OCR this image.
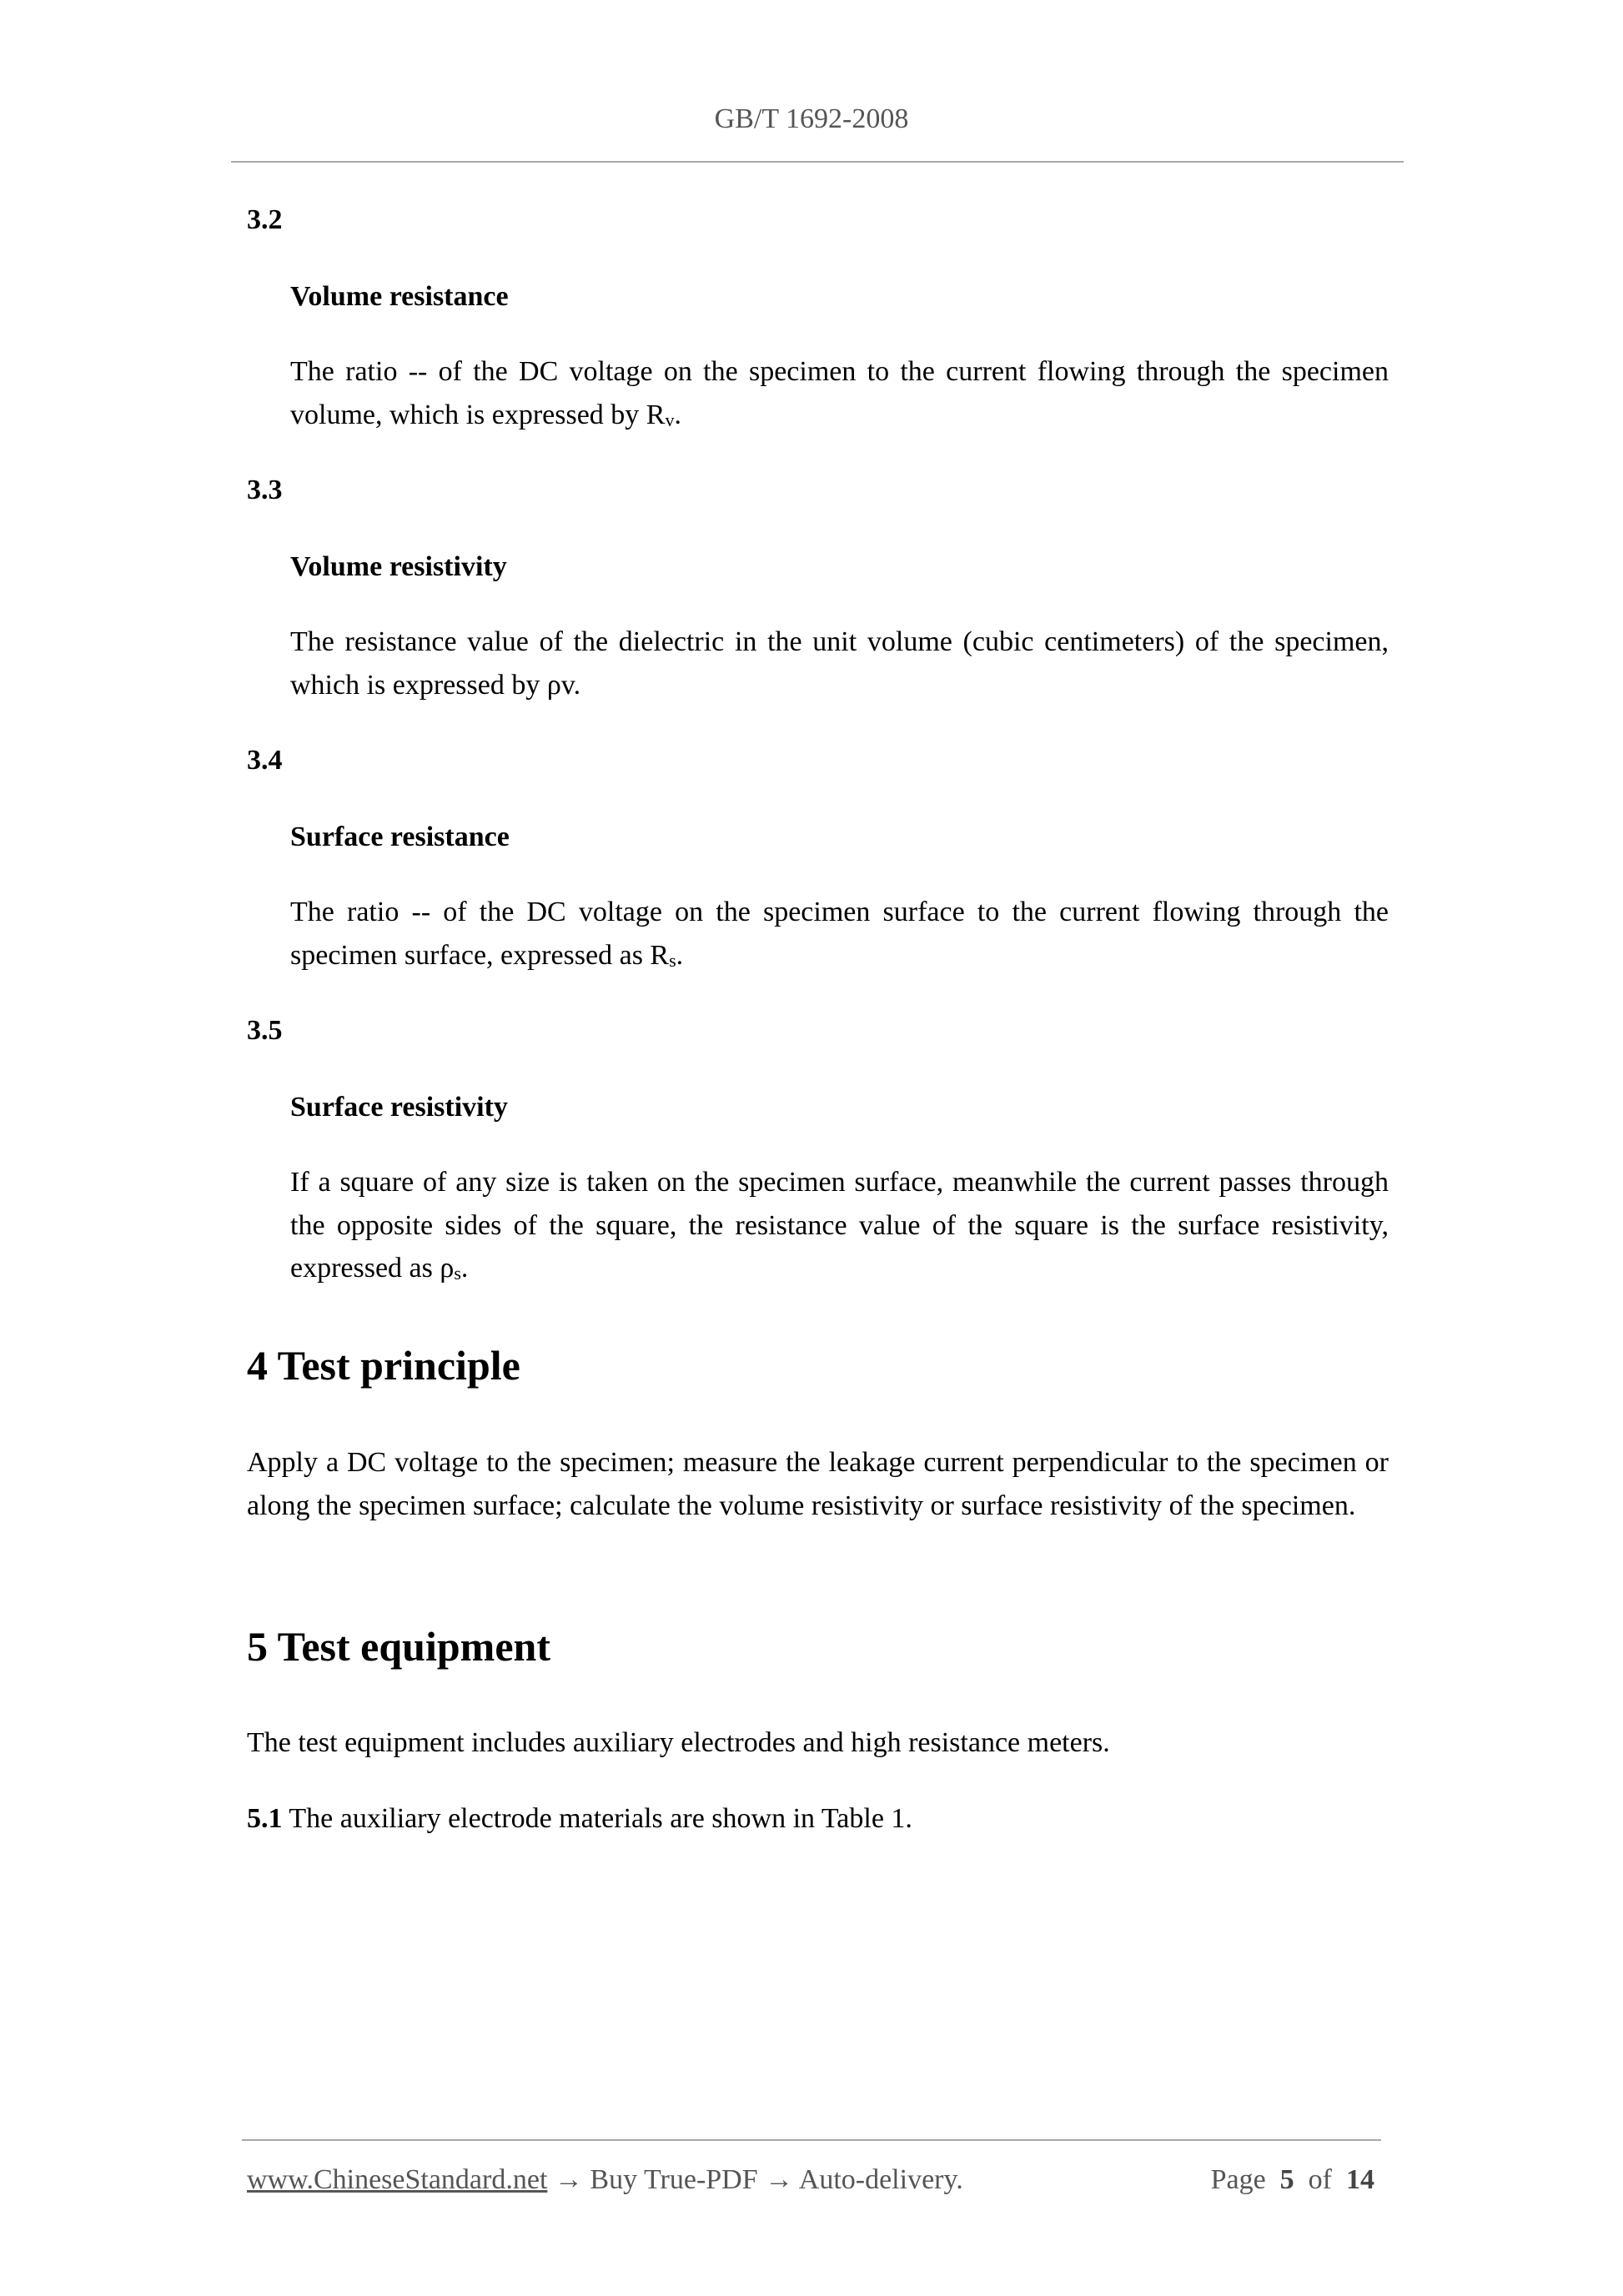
GB/T 1692-2008
3.2
Volume resistance
The ratio -- of the DC voltage on the specimen to the current flowing through the specimen volume, which is expressed by $R_v$.
3.3
Volume resistivity
The resistance value of the dielectric in the unit volume (cubic centimeters) of the specimen, which is expressed by ρv.
3.4
Surface resistance
The ratio -- of the DC voltage on the specimen surface to the current flowing through the specimen surface, expressed as $R_s$.
3.5
Surface resistivity
If a square of any size is taken on the specimen surface, meanwhile the current passes through the opposite sides of the square, the resistance value of the square is the surface resistivity, expressed as $\rho_s$.
4 Test principle
Apply a DC voltage to the specimen; measure the leakage current perpendicular to the specimen or along the specimen surface; calculate the volume resistivity or surface resistivity of the specimen.
5 Test equipment
The test equipment includes auxiliary electrodes and high resistance meters.
5.1 The auxiliary electrode materials are shown in Table 1.
www.ChineseStandard.net → Buy True-PDF → Auto-delivery.	Page 5 of 14
